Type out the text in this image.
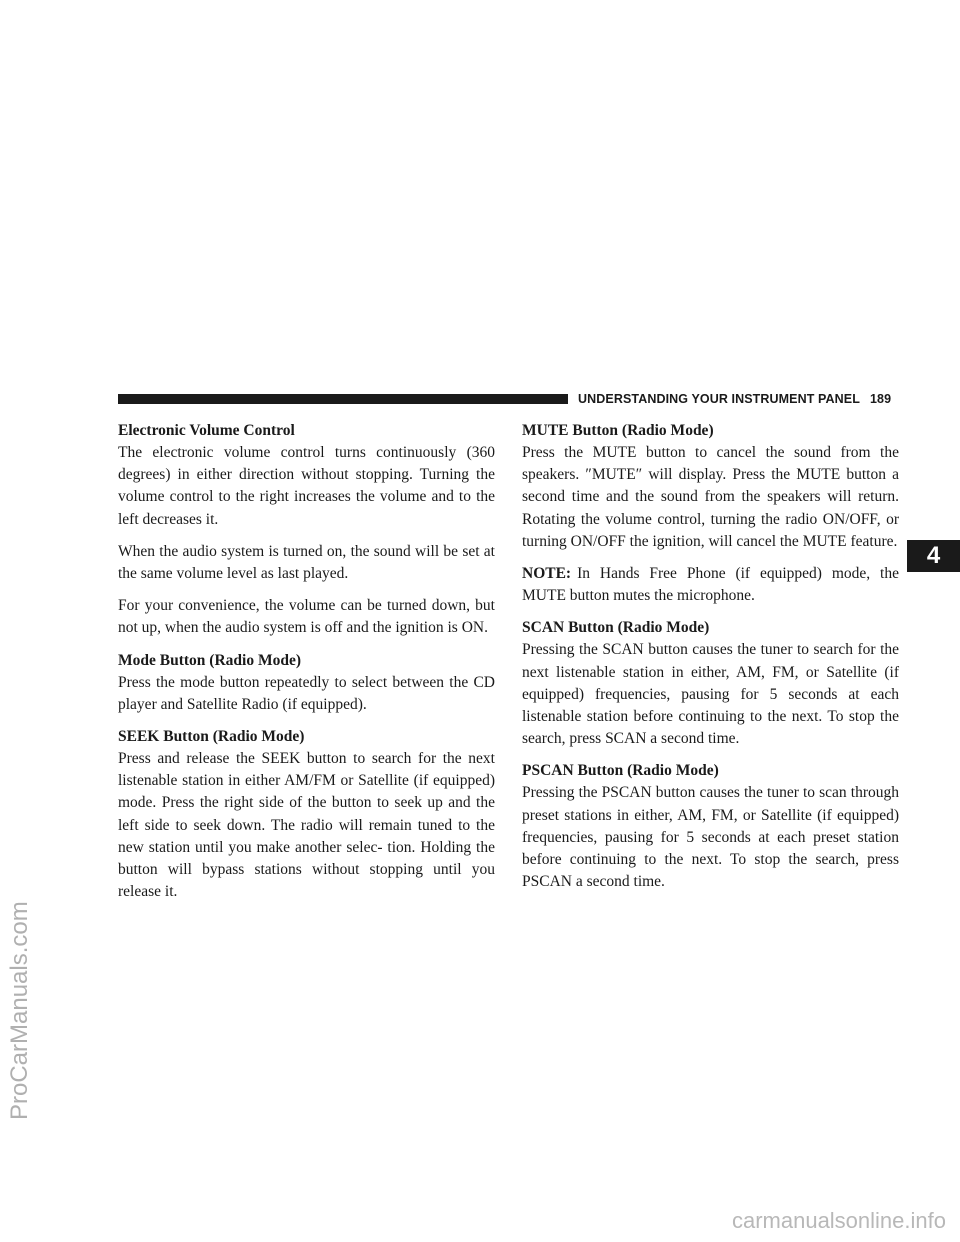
UNDERSTANDING YOUR INSTRUMENT PANEL 189
Electronic Volume Control

The electronic volume control turns continuously (360 degrees) in either direction without stopping. Turning the volume control to the right increases the volume and to the left decreases it.

When the audio system is turned on, the sound will be set at the same volume level as last played.

For your convenience, the volume can be turned down, but not up, when the audio system is off and the ignition is ON.

Mode Button (Radio Mode)

Press the mode button repeatedly to select between the CD player and Satellite Radio (if equipped).

SEEK Button (Radio Mode)

Press and release the SEEK button to search for the next listenable station in either AM/FM or Satellite (if equipped) mode. Press the right side of the button to seek up and the left side to seek down. The radio will remain tuned to the new station until you make another selec- tion. Holding the button will bypass stations without stopping until you release it.

MUTE Button (Radio Mode)

Press the MUTE button to cancel the sound from the speakers. ″MUTE″ will display. Press the MUTE button a second time and the sound from the speakers will return. Rotating the volume control, turning the radio ON/OFF, or turning ON/OFF the ignition, will cancel the MUTE feature.

NOTE: In Hands Free Phone (if equipped) mode, the MUTE button mutes the microphone.

SCAN Button (Radio Mode)

Pressing the SCAN button causes the tuner to search for the next listenable station in either, AM, FM, or Satellite (if equipped) frequencies, pausing for 5 seconds at each listenable station before continuing to the next. To stop the search, press SCAN a second time.

PSCAN Button (Radio Mode)

Pressing the PSCAN button causes the tuner to scan through preset stations in either, AM, FM, or Satellite (if equipped) frequencies, pausing for 5 seconds at each preset station before continuing to the next. To stop the search, press PSCAN a second time.

4
ProCarManuals.com
carmanualsonline.info
